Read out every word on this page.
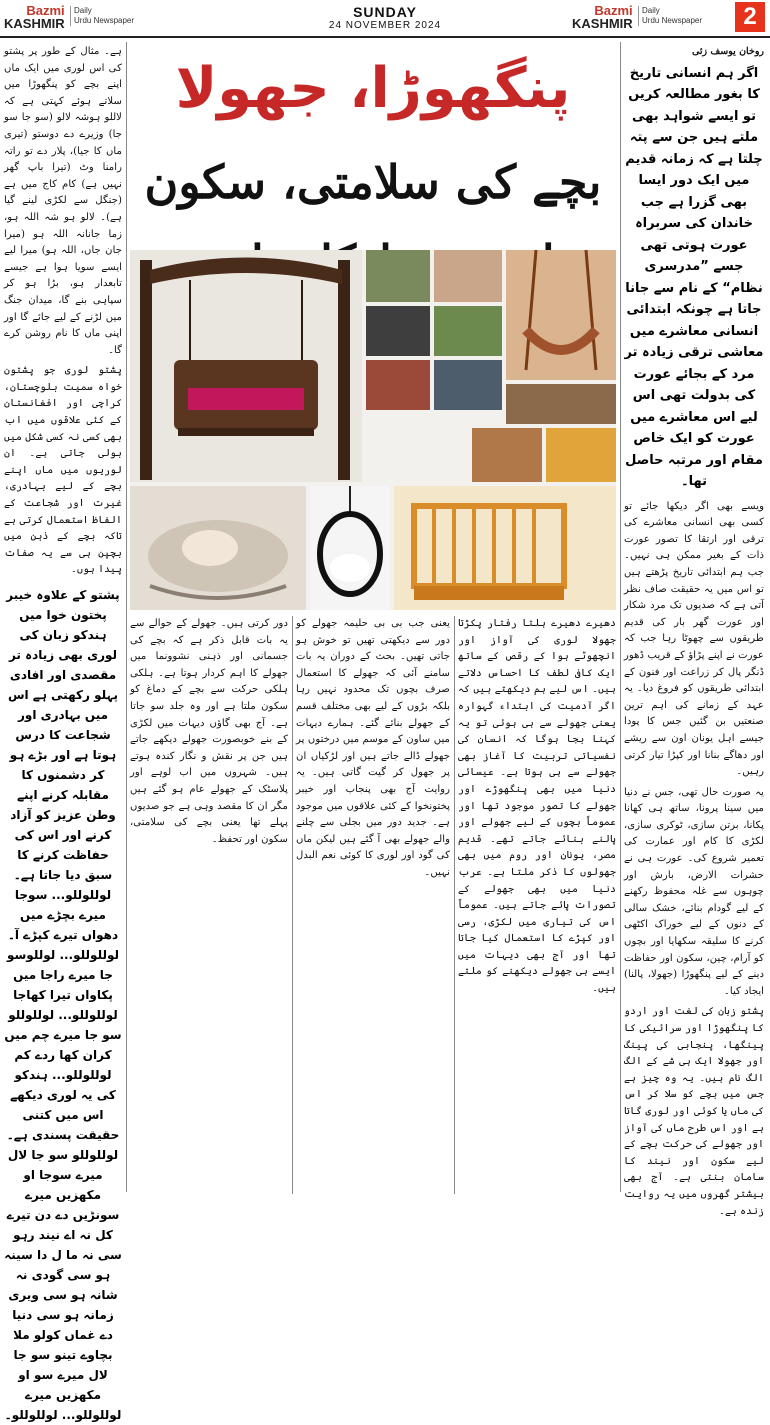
Bazmi
KASHMIR
Daily
Urdu Newspaper
SUNDAY
24 NOVEMBER 2024
Bazmi
KASHMIR
Daily
Urdu Newspaper	2
پنگھوڑا، جھولا
بچے کی سلامتی، سکون
روخان یوسف زئی
اگر ہم انسانی تاریخ کا بغور مطالعہ کریں تو ایسے شواہد بھی ملتے ہیں جن سے پتہ چلتا ہے کہ زمانہ قدیم میں ایک دور ایسا بھی گزرا ہے جب خاندان کی سربراہ عورت ہوتی تھی جسے ”مدرسری نظام“ کے نام سے جانا جاتا ہے چونکہ ابتدائی انسانی معاشرے میں معاشی ترقی زیادہ تر مرد کے بجائے عورت کی بدولت تھی اس لیے اس معاشرے میں عورت کو ایک خاص مقام اور مرتبہ حاصل تھا۔

ویسے بھی اگر دیکھا جائے تو کسی بھی انسانی معاشرے کی ترقی اور ارتقا کا تصور عورت ذات کے بغیر ممکن ہی نہیں۔ جب ہم ابتدائی تاریخ پڑھتے ہیں تو اس میں یہ حقیقت صاف نظر آتی ہے کہ صدیوں تک مرد شکار اور عورت گھر بار کی قدیم طریقوں سے چھوٹا رہا جب کہ عورت نے اپنے پڑاؤ کے قریب ڈھور ڈنگر پال کر زراعت اور فنون کے ابتدائی طریقوں کو فروغ دیا۔ یہ عہد کے زمانے کی اہم ترین صنعتیں بن گئیں جس کا پودا جیسے اہل یونان اون سے ریشے اور دھاگے بنانا اور کپڑا تیار کرتی رہیں۔

یہ صورت حال تھی، جس نے دنیا میں سینا پرونا، ساتھ ہی کھانا پکانا، برتن سازی، ٹوکری سازی، لکڑی کا کام اور عمارت کی تعمیر شروع کی۔ عورت ہی نے حشرات الارض، بارش اور چوہوں سے غلہ محفوظ رکھنے کے لیے گودام بنائے، خشک سالی کے دنوں کے لیے خوراک اکٹھی کرنے کا سلیقہ سکھایا اور بچوں کو آرام، چین، سکون اور حفاظت دینے کے لیے پنگھوڑا (جھولا، پالنا) ایجاد کیا۔

پشتو زبان کی لغت اور اردو کا پنگھوڑا اور سرائیکی کا پینگھا، پنجابی کی پینگ اور جھولا ایک ہی شے کے الگ الگ نام ہیں۔ یہ وہ چیز ہے جس میں بچے کو سلا کر اس کی ماں یا کوئی اور لوری گاتا ہے اور اس طرح ماں کی آواز اور جھولے کی حرکت بچے کے لیے سکون اور نیند کا سامان بنتی ہے۔ آج بھی بیشتر گھروں میں یہ روایت زندہ ہے۔

ہے۔ مثال کے طور پر پشتو کی اس لوری میں ایک ماں اپنے بچے کو پنگھوڑا میں سلاتے ہوئے کہتی ہے کہ لاللو ہوشہ لالو (سو جا سو جا) وزیرے دے دوستو (تیری ماں کا جیا)، پلار دے تو راتہ رامنا وٹ (تیرا باپ گھر نہیں ہے) کام کاج میں ہے (جنگل سے لکڑی لینے گیا ہے)۔ لالو ہو شہ اللہ ہو، زما جانانہ اللہ ہو (میرا جان جاں، اللہ ہو) میرا لیے ایسے سویا ہوا ہے جیسے تابعدار ہو، بڑا ہو کر سپاہی بنے گا، میدان جنگ میں لڑنے کے لیے جائے گا اور اپنی ماں کا نام روشن کرے گا۔

پشتو لوری جو پشتون خواہ سمیت بلوچستان، کراچی اور افغانستان کے کئی علاقوں میں اب بھی کسی نہ کسی شکل میں بولی جاتی ہے۔ ان لوریوں میں ماں اپنے بچے کے لیے بہادری، غیرت اور شجاعت کے الفاظ استعمال کرتی ہے تاکہ بچے کے ذہن میں بچپن ہی سے یہ صفات پیدا ہوں۔

پشتو کے علاوہ خیبر پختون خوا میں ہندکو زبان کی لوری بھی زیادہ تر مقصدی اور افادی پہلو رکھتی ہے اس میں بہادری اور شجاعت کا درس ہوتا ہے اور بڑے ہو کر دشمنوں کا مقابلہ کرنے اپنے وطن عزیز کو آزاد کرنے اور اس کی حفاظت کرنے کا سبق دیا جاتا ہے۔ لوللوللو... سوجا میرے بچڑے میں دھواں تیرے کپڑے آ۔ لوللوللو... لوللوسو جا میرے راجا میں پکاواں تیرا کھاجا لوللوللو... لوللوللو سو جا میرے چم میں کران کھا ردے کم لوللوللو... ہندکو کی یہ لوری دیکھے اس میں کتنی حقیقت پسندی ہے۔ لوللوللو سو جا لال میرے سوجا او مکھزیں میرے سونڑیں دے دن تیرے کل نہ اے نیند رہو سی نہ ما ل دا سینہ ہو سی گودی نہ شانہ ہو سی ویری زمانہ ہو سی دنیا دے غماں کولو ملا بچاوے تینو سو جا لال میرے سو او مکھزیں میرے لوللوللو... لوللوللو۔

دھیرے دھیرے ہلتا رفتار پکڑتا جھولا لوری کی آواز اور انچھوٹے ہوا کے رقص کے ساتھ ایک کافی لطف کا احساس دلاتے ہیں۔ اس لیے ہم دیکھتے ہیں کہ اگر آدمیت کی ابتداء گہوارہ یعنی جھولے سے ہی ہوئی تو یہ کہنا بجا ہوگا کہ انسان کی نفسیاتی تربیت کا آغاز بھی جھولے سے ہی ہوتا ہے۔ عیسائی دنیا میں بھی پنگھوڑے اور جھولے کا تصور موجود تھا اور عموماً بچوں کے لیے جھولے اور پالنے بنائے جاتے تھے۔ قدیم مصر، یونان اور روم میں بھی جھولوں کا ذکر ملتا ہے۔ عرب دنیا میں بھی جھولے کے تصورات پائے جاتے ہیں۔ عموماً اس کی تیاری میں لکڑی، رسی اور کپڑے کا استعمال کیا جاتا تھا اور آج بھی دیہات میں ایسے ہی جھولے دیکھنے کو ملتے ہیں۔

یعنی جب بی بی حلیمہ جھولے کو دور سے دیکھتی تھیں تو خوش ہو جاتی تھیں۔ بحث کے دوران یہ بات سامنے آئی کہ جھولے کا استعمال صرف بچوں تک محدود نہیں رہا بلکہ بڑوں کے لیے بھی مختلف قسم کے جھولے بنائے گئے۔ ہمارے دیہات میں ساون کے موسم میں درختوں پر جھولے ڈالے جاتے ہیں اور لڑکیاں ان پر جھول کر گیت گاتی ہیں۔ یہ روایت آج بھی پنجاب اور خیبر پختونخوا کے کئی علاقوں میں موجود ہے۔ جدید دور میں بجلی سے چلنے والے جھولے بھی آ گئے ہیں لیکن ماں کی گود اور لوری کا کوئی نعم البدل نہیں۔

دور کرتی ہیں۔ جھولے کے حوالے سے یہ بات قابل ذکر ہے کہ بچے کی جسمانی اور ذہنی نشوونما میں جھولے کا اہم کردار ہوتا ہے۔ ہلکی ہلکی حرکت سے بچے کے دماغ کو سکون ملتا ہے اور وہ جلد سو جاتا ہے۔ آج بھی گاؤں دیہات میں لکڑی کے بنے خوبصورت جھولے دیکھے جاتے ہیں جن پر نقش و نگار کندہ ہوتے ہیں۔ شہروں میں اب لوہے اور پلاسٹک کے جھولے عام ہو گئے ہیں مگر ان کا مقصد وہی ہے جو صدیوں پہلے تھا یعنی بچے کی سلامتی، سکون اور تحفظ۔
